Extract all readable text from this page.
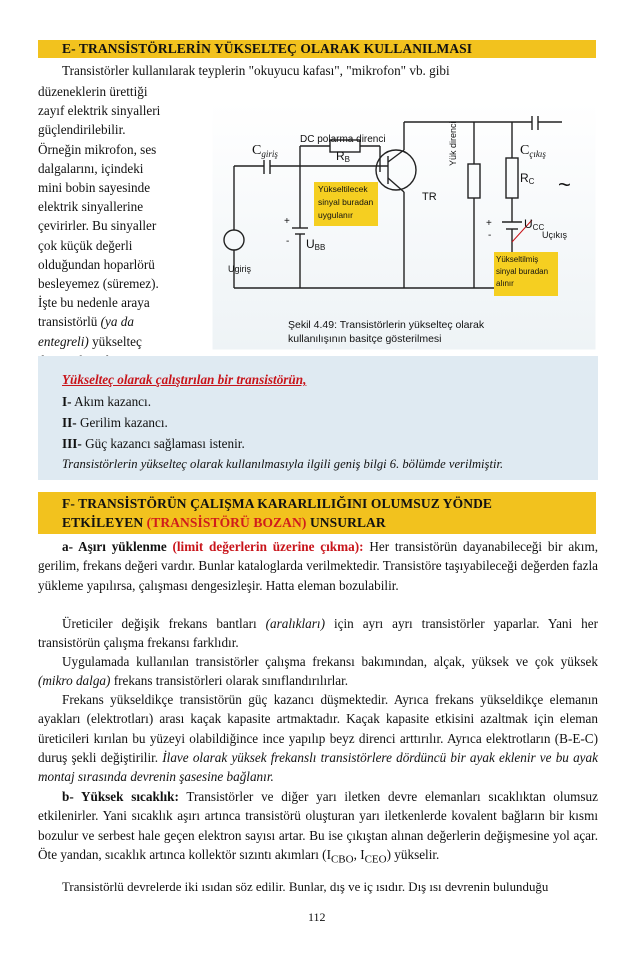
E- TRANSİSTÖRLERİN YÜKSELTEÇ OLARAK KULLANILMASI
Transistörler kullanılarak teyplerin "okuyucu kafası", "mikrofon" vb. gibi
düzeneklerin ürettiği
zayıf elektrik sinyalleri
güçlendirilebilir.
Örneğin mikrofon, ses
dalgalarını, içindeki
mini bobin sayesinde
elektrik sinyallerine
çevirirler. Bu sinyaller
çok küçük değerli
olduğundan hoparlörü
besleyemez (süremez).
İşte bu nedenle araya
transistörlü (ya da
entegreli) yükselteç
$C_{giriş}$
DC polarma direnci
RB
Yükseltilecek
sinyal buradan
uygulanır
TR
Yük direnci	$C_{çıkış}$
RC
UCC
+
-
~
Uçıkış
Yükseltilmiş
sinyal buradan
alınır
+
- UBB
Ugiriş
Şekil 4.49: Transistörlerin yükselteç olarak
kullanılışının basitçe gösterilmesi
Yükselteç olarak çalıştırılan bir transistörün,
I- Akım kazancı.
II- Gerilim kazancı.
III- Güç kazancı sağlaması istenir.
Transistörlerin yükselteç olarak kullanılmasıyla ilgili geniş bilgi 6. bölümde verilmiştir.
F- TRANSİSTÖRÜN ÇALIŞMA KARARLILIĞINI OLUMSUZ YÖNDE
ETKİLEYEN (TRANSİSTÖRÜ BOZAN) UNSURLAR
a- Aşırı yüklenme (limit değerlerin üzerine çıkma): Her transistörün dayanabileceği bir akım, gerilim, frekans değeri vardır. Bunlar kataloglarda verilmektedir. Transistöre taşıyabileceği değerden fazla yükleme yapılırsa, çalışması dengesizleşir. Hatta eleman bozulabilir.
Üreticiler değişik frekans bantları (aralıkları) için ayrı ayrı transistörler yaparlar. Yani her transistörün çalışma frekansı farklıdır.
Uygulamada kullanılan transistörler çalışma frekansı bakımından, alçak, yüksek ve çok yüksek (mikro dalga) frekans transistörleri olarak sınıflandırılırlar.
Frekans yükseldikçe transistörün güç kazancı düşmektedir. Ayrıca frekans yükseldikçe elemanın ayakları (elektrotları) arası kaçak kapasite artmaktadır. Kaçak kapasite etkisini azaltmak için eleman üreticileri kırılan bu yüzeyi olabildiğince ince yapılıp beyz direnci arttırılır. Ayrıca elektrotların (B-E-C) duruş şekli değiştirilir. İlave olarak yüksek frekanslı transistörlere dördüncü bir ayak eklenir ve bu ayak montaj sırasında devrenin şasesine bağlanır.
b- Yüksek sıcaklık: Transistörler ve diğer yarı iletken devre elemanları sıcaklıktan olumsuz etkilenirler. Yani sıcaklık aşırı artınca transistörü oluşturan yarı iletkenlerde kovalent bağların bir kısmı bozulur ve serbest hale geçen elektron sayısı artar. Bu ise çıkıştan alınan değerlerin değişmesine yol açar. Öte yandan, sıcaklık artınca kollektör sızıntı akımları ($I_{CBO}$, $I_{CEO}$) yükselir.
Transistörlü devrelerde iki ısıdan söz edilir. Bunlar, dış ve iç ısıdır. Dış ısı devrenin bulunduğu
112
